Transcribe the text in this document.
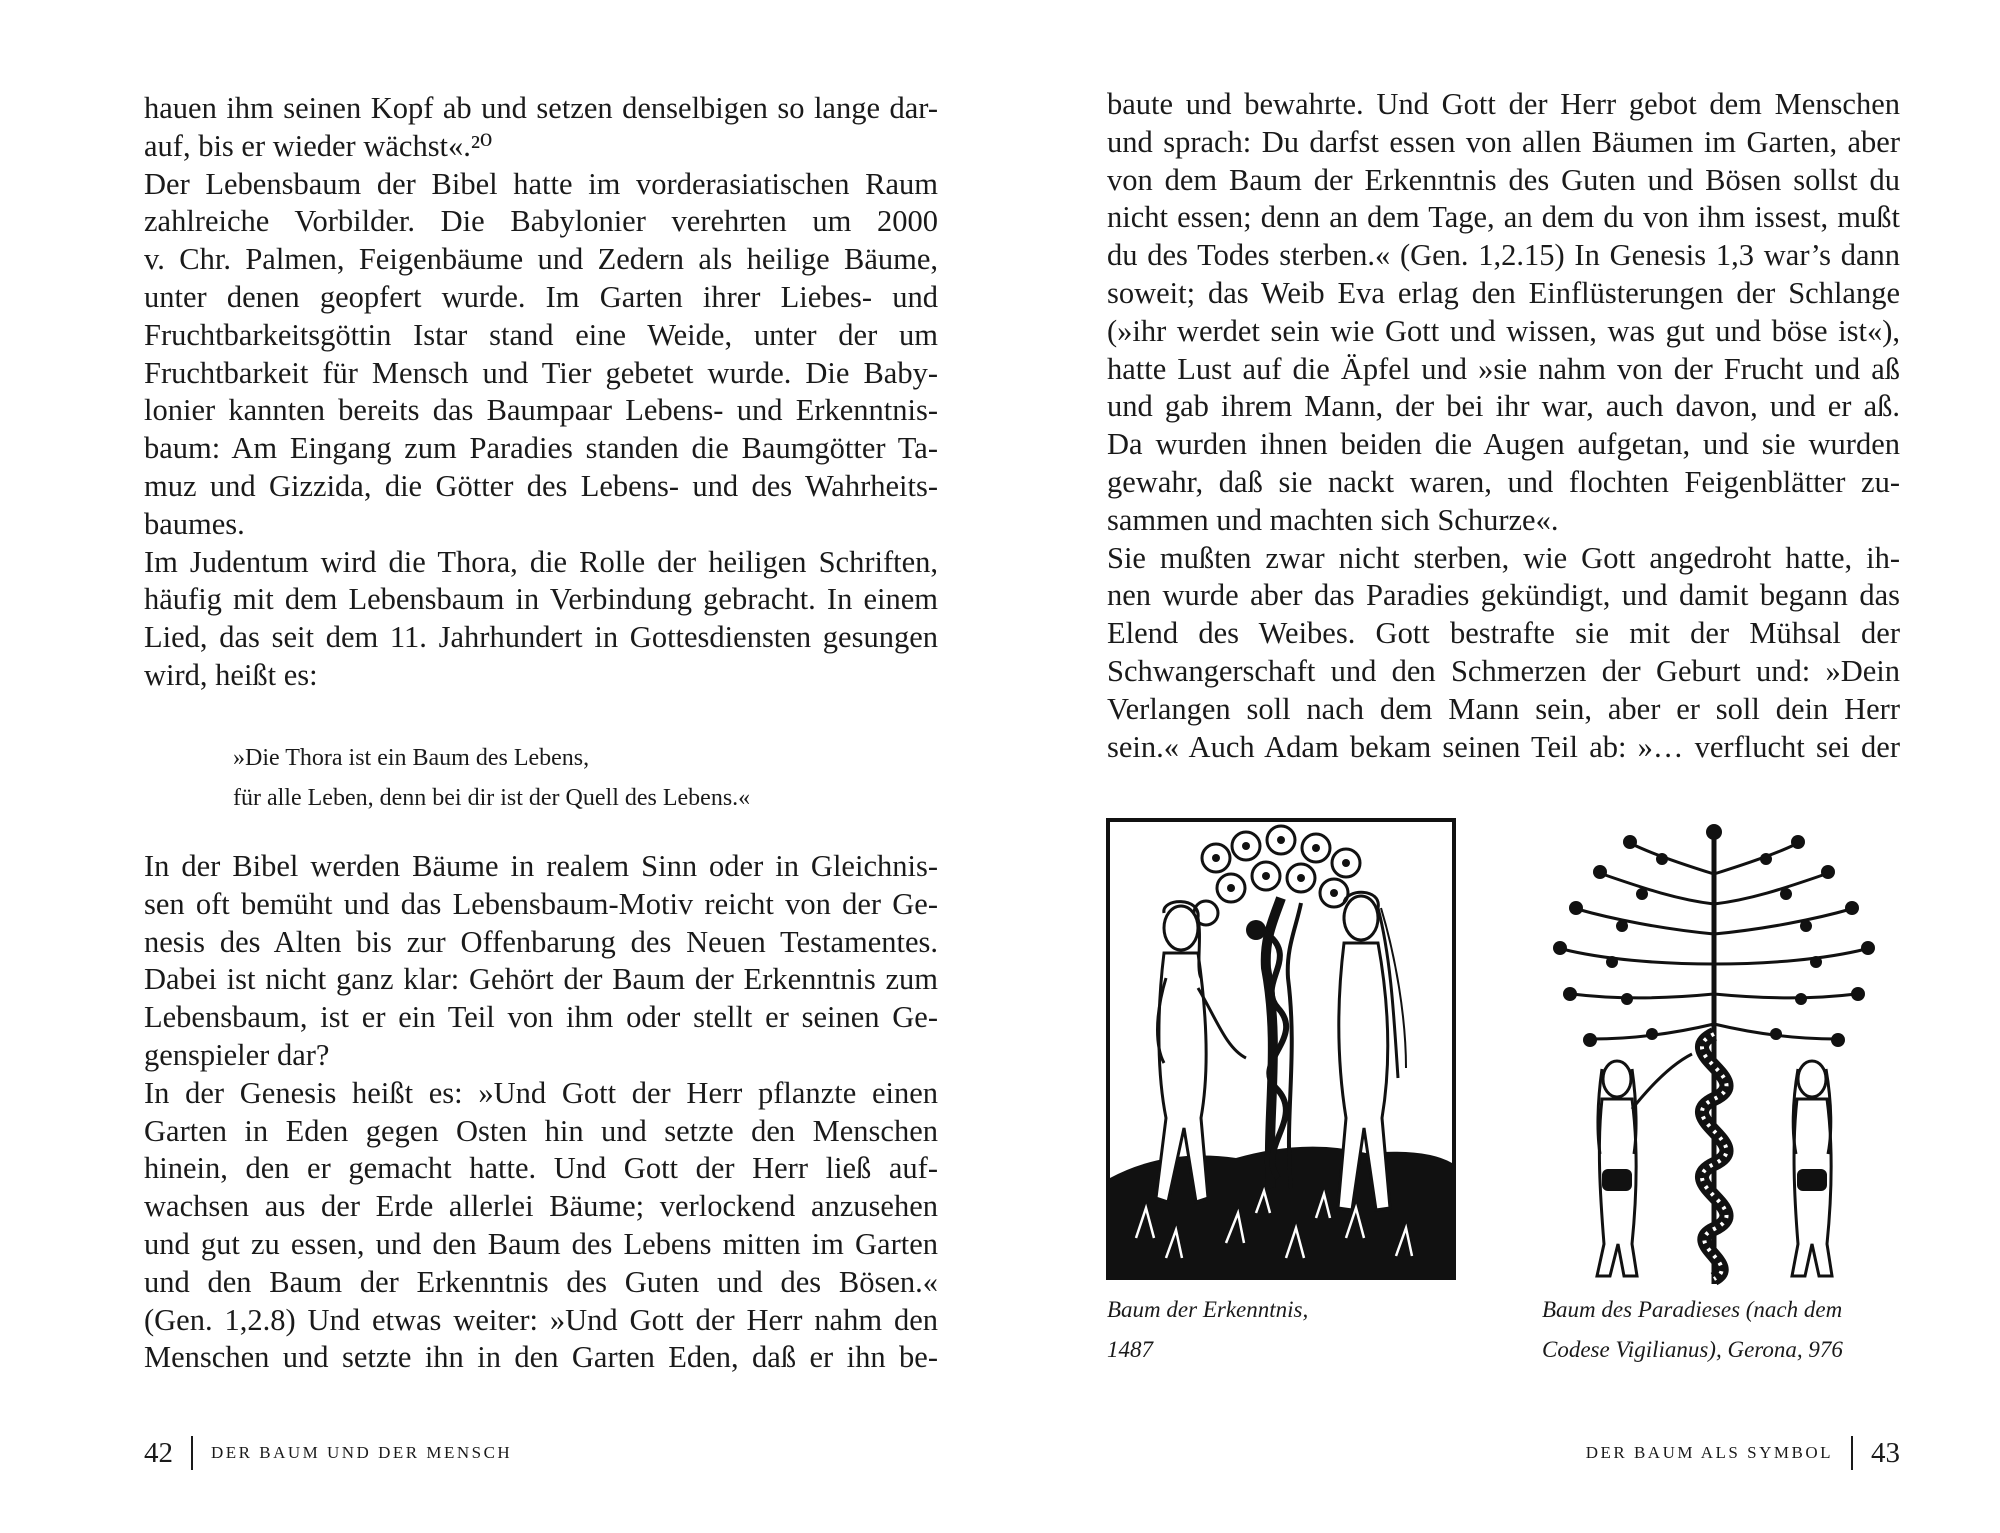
hauen ihm seinen Kopf ab und setzen denselbigen so lange dar-
auf, bis er wieder wächst«.²⁰
Der Lebensbaum der Bibel hatte im vorderasiatischen Raum
zahlreiche Vorbilder. Die Babylonier verehrten um 2000
v. Chr. Palmen, Feigenbäume und Zedern als heilige Bäume,
unter denen geopfert wurde. Im Garten ihrer Liebes- und
Fruchtbarkeitsgöttin Istar stand eine Weide, unter der um
Fruchtbarkeit für Mensch und Tier gebetet wurde. Die Baby-
lonier kannten bereits das Baumpaar Lebens- und Erkenntnis-
baum: Am Eingang zum Paradies standen die Baumgötter Ta-
muz und Gizzida, die Götter des Lebens- und des Wahrheits-
baumes.
Im Judentum wird die Thora, die Rolle der heiligen Schriften,
häufig mit dem Lebensbaum in Verbindung gebracht. In einem
Lied, das seit dem 11. Jahrhundert in Gottesdiensten gesungen
wird, heißt es:
»Die Thora ist ein Baum des Lebens,
für alle Leben, denn bei dir ist der Quell des Lebens.«
In der Bibel werden Bäume in realem Sinn oder in Gleichnis-
sen oft bemüht und das Lebensbaum-Motiv reicht von der Ge-
nesis des Alten bis zur Offenbarung des Neuen Testamentes.
Dabei ist nicht ganz klar: Gehört der Baum der Erkenntnis zum
Lebensbaum, ist er ein Teil von ihm oder stellt er seinen Ge-
genspieler dar?
In der Genesis heißt es: »Und Gott der Herr pflanzte einen
Garten in Eden gegen Osten hin und setzte den Menschen
hinein, den er gemacht hatte. Und Gott der Herr ließ auf-
wachsen aus der Erde allerlei Bäume; verlockend anzusehen
und gut zu essen, und den Baum des Lebens mitten im Garten
und den Baum der Erkenntnis des Guten und des Bösen.«
(Gen. 1,2.8) Und etwas weiter: »Und Gott der Herr nahm den
Menschen und setzte ihn in den Garten Eden, daß er ihn be-
42 DER BAUM UND DER MENSCH
baute und bewahrte. Und Gott der Herr gebot dem Menschen
und sprach: Du darfst essen von allen Bäumen im Garten, aber
von dem Baum der Erkenntnis des Guten und Bösen sollst du
nicht essen; denn an dem Tage, an dem du von ihm issest, mußt
du des Todes sterben.« (Gen. 1,2.15) In Genesis 1,3 war’s dann
soweit; das Weib Eva erlag den Einflüsterungen der Schlange
(»ihr werdet sein wie Gott und wissen, was gut und böse ist«),
hatte Lust auf die Äpfel und »sie nahm von der Frucht und aß
und gab ihrem Mann, der bei ihr war, auch davon, und er aß.
Da wurden ihnen beiden die Augen aufgetan, und sie wurden
gewahr, daß sie nackt waren, und flochten Feigenblätter zu-
sammen und machten sich Schurze«.
Sie mußten zwar nicht sterben, wie Gott angedroht hatte, ih-
nen wurde aber das Paradies gekündigt, und damit begann das
Elend des Weibes. Gott bestrafte sie mit der Mühsal der
Schwangerschaft und den Schmerzen der Geburt und: »Dein
Verlangen soll nach dem Mann sein, aber er soll dein Herr
sein.« Auch Adam bekam seinen Teil ab: »… verflucht sei der
Baum der Erkenntnis,
1487
Baum des Paradieses (nach dem
Codese Vigilianus), Gerona, 976
DER BAUM ALS SYMBOL 43
